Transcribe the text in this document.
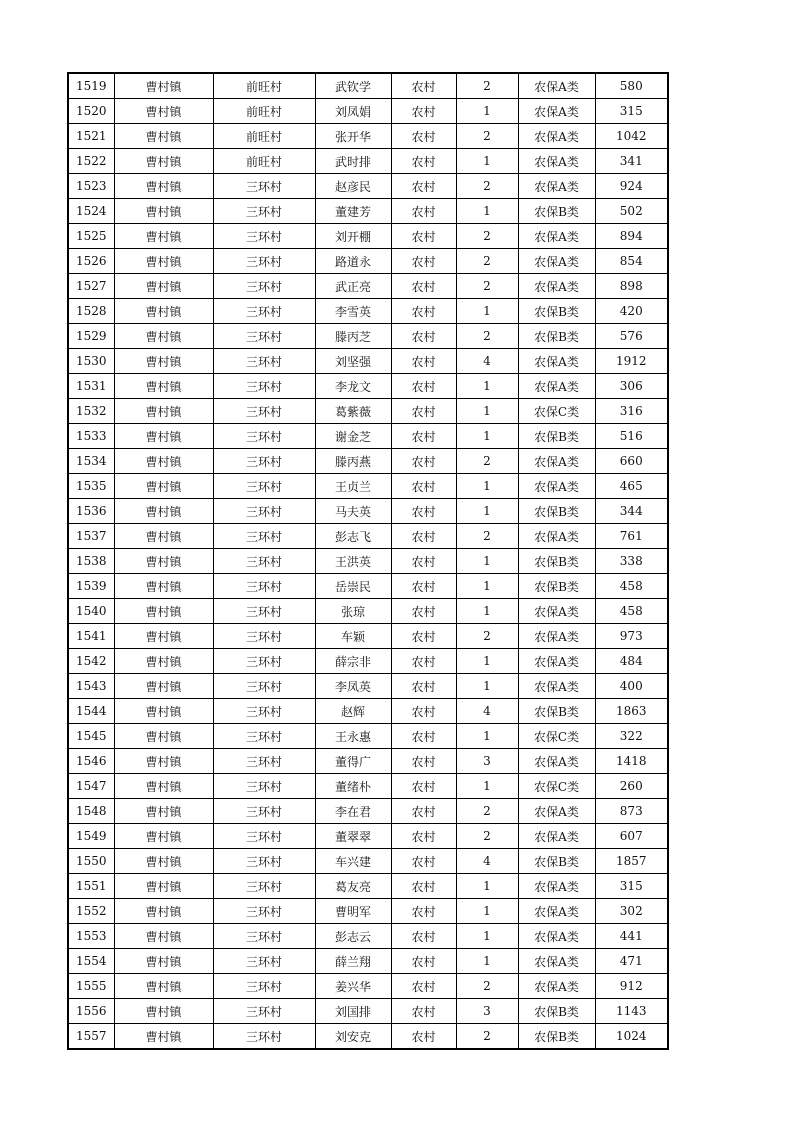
1519	曹村镇	前旺村	武钦学	农村	2	农保A类	580
1520	曹村镇	前旺村	刘凤娟	农村	1	农保A类	315
1521	曹村镇	前旺村	张开华	农村	2	农保A类	1042
1522	曹村镇	前旺村	武时排	农村	1	农保A类	341
1523	曹村镇	三环村	赵彦民	农村	2	农保A类	924
1524	曹村镇	三环村	董建芳	农村	1	农保B类	502
1525	曹村镇	三环村	刘开棚	农村	2	农保A类	894
1526	曹村镇	三环村	路道永	农村	2	农保A类	854
1527	曹村镇	三环村	武正亮	农村	2	农保A类	898
1528	曹村镇	三环村	李雪英	农村	1	农保B类	420
1529	曹村镇	三环村	滕丙芝	农村	2	农保B类	576
1530	曹村镇	三环村	刘坚强	农村	4	农保A类	1912
1531	曹村镇	三环村	李龙文	农村	1	农保A类	306
1532	曹村镇	三环村	葛紫薇	农村	1	农保C类	316
1533	曹村镇	三环村	谢金芝	农村	1	农保B类	516
1534	曹村镇	三环村	滕丙燕	农村	2	农保A类	660
1535	曹村镇	三环村	王贞兰	农村	1	农保A类	465
1536	曹村镇	三环村	马夫英	农村	1	农保B类	344
1537	曹村镇	三环村	彭志飞	农村	2	农保A类	761
1538	曹村镇	三环村	王洪英	农村	1	农保B类	338
1539	曹村镇	三环村	岳崇民	农村	1	农保B类	458
1540	曹村镇	三环村	张琼	农村	1	农保A类	458
1541	曹村镇	三环村	车颖	农村	2	农保A类	973
1542	曹村镇	三环村	薛宗非	农村	1	农保A类	484
1543	曹村镇	三环村	李凤英	农村	1	农保A类	400
1544	曹村镇	三环村	赵辉	农村	4	农保B类	1863
1545	曹村镇	三环村	王永惠	农村	1	农保C类	322
1546	曹村镇	三环村	董得广	农村	3	农保A类	1418
1547	曹村镇	三环村	董绪朴	农村	1	农保C类	260
1548	曹村镇	三环村	李在君	农村	2	农保A类	873
1549	曹村镇	三环村	董翠翠	农村	2	农保A类	607
1550	曹村镇	三环村	车兴建	农村	4	农保B类	1857
1551	曹村镇	三环村	葛友亮	农村	1	农保A类	315
1552	曹村镇	三环村	曹明军	农村	1	农保A类	302
1553	曹村镇	三环村	彭志云	农村	1	农保A类	441
1554	曹村镇	三环村	薛兰翔	农村	1	农保A类	471
1555	曹村镇	三环村	姜兴华	农村	2	农保A类	912
1556	曹村镇	三环村	刘国排	农村	3	农保B类	1143
1557	曹村镇	三环村	刘安克	农村	2	农保B类	1024
